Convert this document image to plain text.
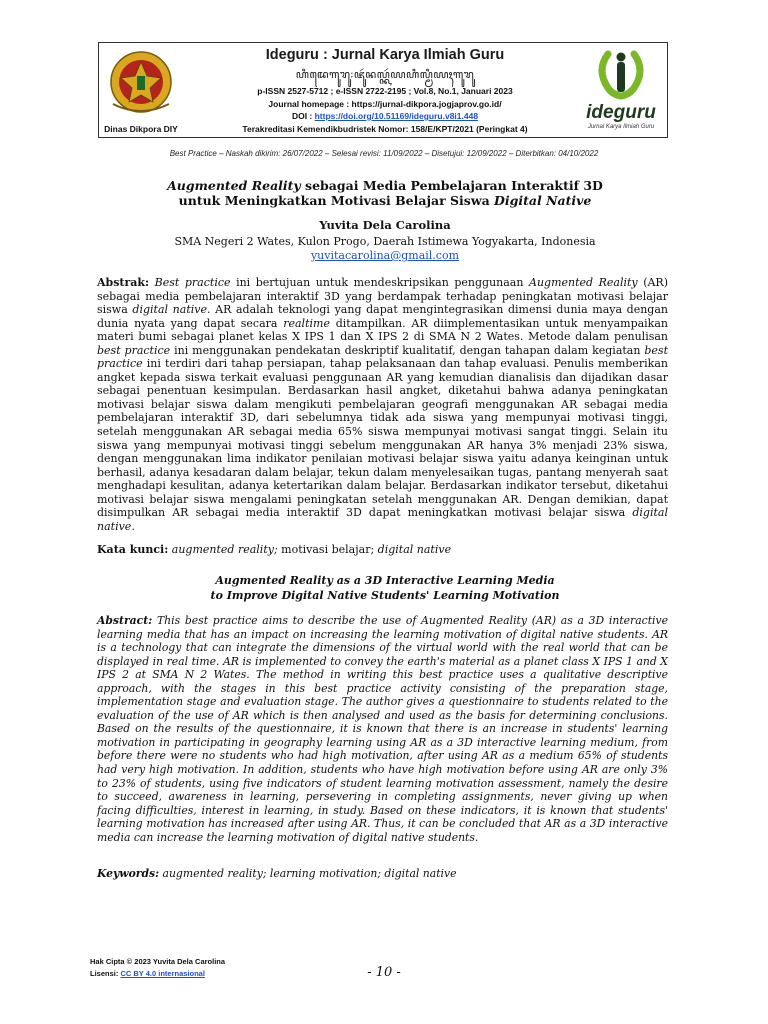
Dinas Dikpora DIY
ideguru
Jurnal Karya Ilmiah Guru
Ideguru : Jurnal Karya Ilmiah Guru
ꦲꦶꦢꦺꦒꦸꦫꦸ꧇ꦗꦸꦂꦤꦭ꧀ꦏꦂꦪꦲꦶꦭ꧀ꦩꦶꦪꦃꦒꦸꦫꦸ
p-ISSN 2527-5712 ; e-ISSN 2722-2195 ; Vol.8, No.1, Januari 2023
Journal homepage : https://jurnal-dikpora.jogjaprov.go.id/
DOI : https://doi.org/10.51169/ideguru.v8i1.448
Terakreditasi Kemendikbudristek Nomor: 158/E/KPT/2021 (Peringkat 4)
Best Practice – Naskah dikirim: 26/07/2022 – Selesai revisi: 11/09/2022 – Disetujui: 12/09/2022 – Diterbitkan: 04/10/2022
Augmented Reality sebagai Media Pembelajaran Interaktif 3D
untuk Meningkatkan Motivasi Belajar Siswa Digital Native
Yuvita Dela Carolina
SMA Negeri 2 Wates, Kulon Progo, Daerah Istimewa Yogyakarta, Indonesia
yuvitacarolina@gmail.com
Abstrak: Best practice ini bertujuan untuk mendeskripsikan penggunaan Augmented Reality (AR) sebagai media pembelajaran interaktif 3D yang berdampak terhadap peningkatan motivasi belajar siswa digital native. AR adalah teknologi yang dapat mengintegrasikan dimensi dunia maya dengan dunia nyata yang dapat secara realtime ditampilkan. AR diimplementasikan untuk menyampaikan materi bumi sebagai planet kelas X IPS 1 dan X IPS 2 di SMA N 2 Wates. Metode dalam penulisan best practice ini menggunakan pendekatan deskriptif kualitatif, dengan tahapan dalam kegiatan best practice ini terdiri dari tahap persiapan, tahap pelaksanaan dan tahap evaluasi. Penulis memberikan angket kepada siswa terkait evaluasi penggunaan AR yang kemudian dianalisis dan dijadikan dasar sebagai penentuan kesimpulan. Berdasarkan hasil angket, diketahui bahwa adanya peningkatan motivasi belajar siswa dalam mengikuti pembelajaran geografi menggunakan AR sebagai media pembelajaran interaktif 3D, dari sebelumnya tidak ada siswa yang mempunyai motivasi tinggi, setelah menggunakan AR sebagai media 65% siswa mempunyai motivasi sangat tinggi. Selain itu siswa yang mempunyai motivasi tinggi sebelum menggunakan AR hanya 3% menjadi 23% siswa, dengan menggunakan lima indikator penilaian motivasi belajar siswa yaitu adanya keinginan untuk berhasil, adanya kesadaran dalam belajar, tekun dalam menyelesaikan tugas, pantang menyerah saat menghadapi kesulitan, adanya ketertarikan dalam belajar. Berdasarkan indikator tersebut, diketahui motivasi belajar siswa mengalami peningkatan setelah menggunakan AR. Dengan demikian, dapat disimpulkan AR sebagai media interaktif 3D dapat meningkatkan motivasi belajar siswa digital native.
Kata kunci: augmented reality; motivasi belajar; digital native
Augmented Reality as a 3D Interactive Learning Media
to Improve Digital Native Students' Learning Motivation
Abstract: This best practice aims to describe the use of Augmented Reality (AR) as a 3D interactive learning media that has an impact on increasing the learning motivation of digital native students. AR is a technology that can integrate the dimensions of the virtual world with the real world that can be displayed in real time. AR is implemented to convey the earth's material as a planet class X IPS 1 and X IPS 2 at SMA N 2 Wates. The method in writing this best practice uses a qualitative descriptive approach, with the stages in this best practice activity consisting of the preparation stage, implementation stage and evaluation stage. The author gives a questionnaire to students related to the evaluation of the use of AR which is then analysed and used as the basis for determining conclusions. Based on the results of the questionnaire, it is known that there is an increase in students' learning motivation in participating in geography learning using AR as a 3D interactive learning medium, from before there were no students who had high motivation, after using AR as a medium 65% of students had very high motivation. In addition, students who have high motivation before using AR are only 3% to 23% of students, using five indicators of student learning motivation assessment, namely the desire to succeed, awareness in learning, persevering in completing assignments, never giving up when facing difficulties, interest in learning, in study. Based on these indicators, it is known that students' learning motivation has increased after using AR. Thus, it can be concluded that AR as a 3D interactive media can increase the learning motivation of digital native students.
Keywords: augmented reality; learning motivation; digital native
Hak Cipta © 2023 Yuvita Dela Carolina
Lisensi: CC BY 4.0 internasional	- 10 -
